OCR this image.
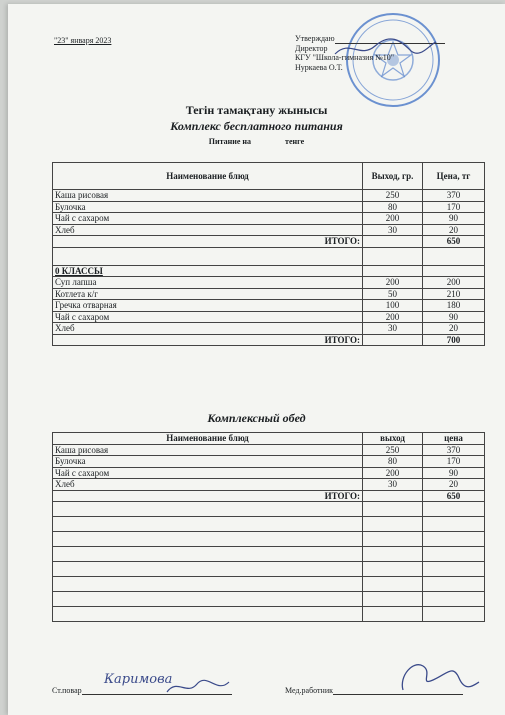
"23" января 2023	Утверждаю
Директор
КГУ "Школа-гимназия №10"
Нуркаева О.Т.
Тегін тамақтану жынысы
Комплекс бесплатного питания
Питание на	тенге
Наименование блюд	Выход, гр.	Цена, тг
Каша рисовая	250	370
Булочка	80	170
Чай с сахаром	200	90
Хлеб	30	20
ИТОГО:		650

0 КЛАССЫ		
Суп лапша	200	200
Котлета к/г	50	210
Гречка отварная	100	180
Чай с сахаром	200	90
Хлеб	30	20
ИТОГО:		700
Комплексный обед
Наименование блюд	выход	цена
Каша рисовая	250	370
Булочка	80	170
Чай с сахаром	200	90
Хлеб	30	20
ИТОГО:		650

Ст.повар
Каримова
Мед.работник
